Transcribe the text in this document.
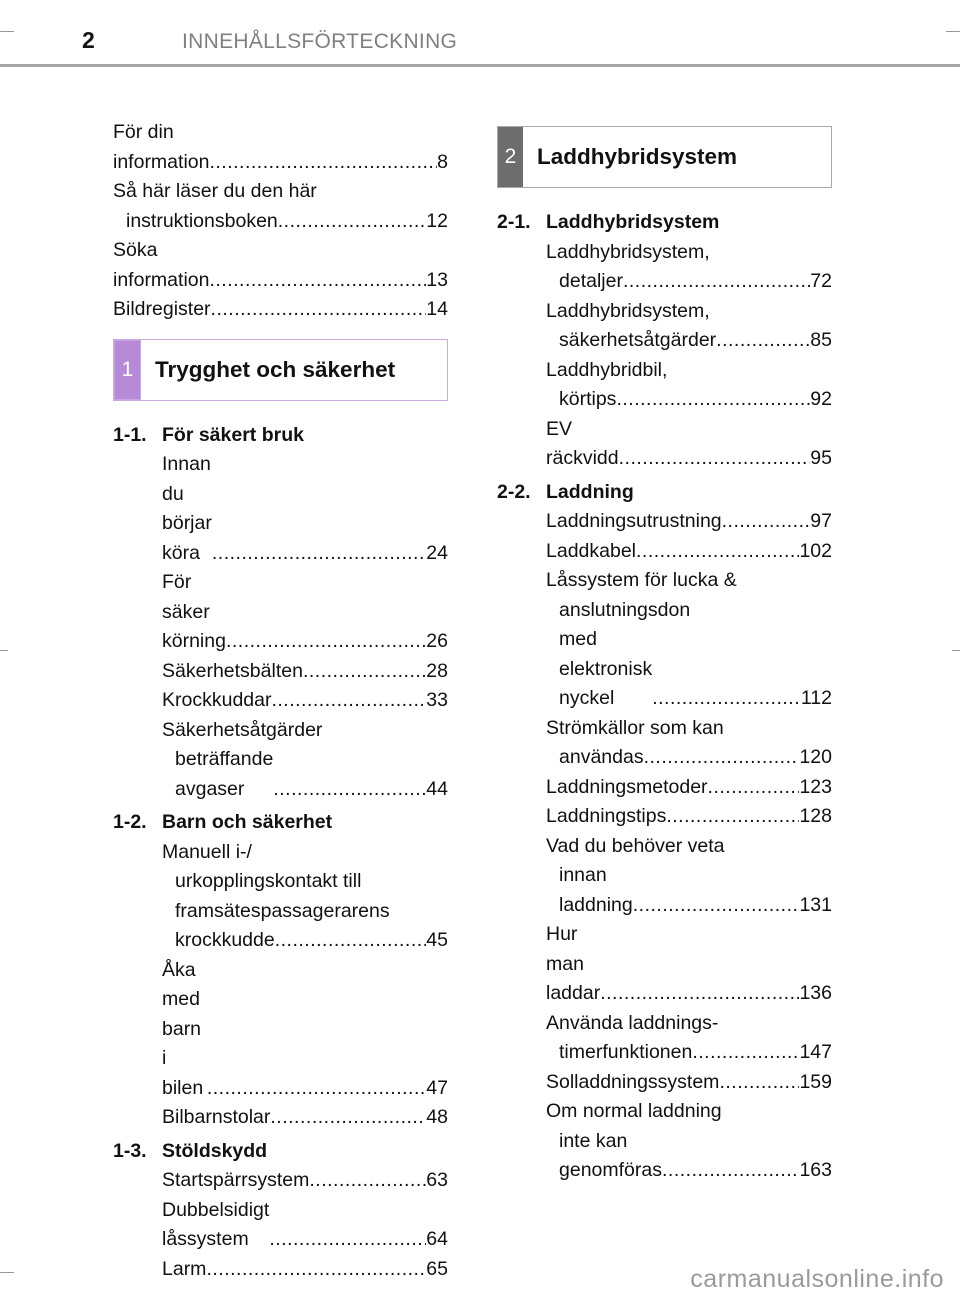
2	INNEHÅLLSFÖRTECKNING
För din information .....	8
Så här läser du den här
instruktionsboken .....	12
Söka information .....	13
Bildregister .....	14
1 Trygghet och säkerhet
1-1. För säkert bruk
Innan du börjar köra .....	24
För säker körning .....	26
Säkerhetsbälten .....	28
Krockkuddar .....	33
Säkerhetsåtgärder
beträffande avgaser .....	44
1-2. Barn och säkerhet
Manuell i-/
urkopplingskontakt till
framsätespassagerarens
krockkudde .....	45
Åka med barn i bilen .....	47
Bilbarnstolar .....	48
1-3. Stöldskydd
Startspärrsystem .....	63
Dubbelsidigt låssystem .....	64
Larm .....	65
2 Laddhybridsystem
2-1. Laddhybridsystem
Laddhybridsystem,
detaljer .....	72
Laddhybridsystem,
säkerhetsåtgärder .....	85
Laddhybridbil,
körtips .....	92
EV räckvidd .....	95
2-2. Laddning
Laddningsutrustning .....	97
Laddkabel .....	102
Låssystem för lucka &
anslutningsdon
med elektronisk nyckel .....	112
Strömkällor som kan
användas .....	120
Laddningsmetoder .....	123
Laddningstips .....	128
Vad du behöver veta
innan laddning .....	131
Hur man laddar .....	136
Använda laddnings-
timerfunktionen .....	147
Solladdningssystem .....	159
Om normal laddning
inte kan genomföras .....	163
carmanualsonline.info
